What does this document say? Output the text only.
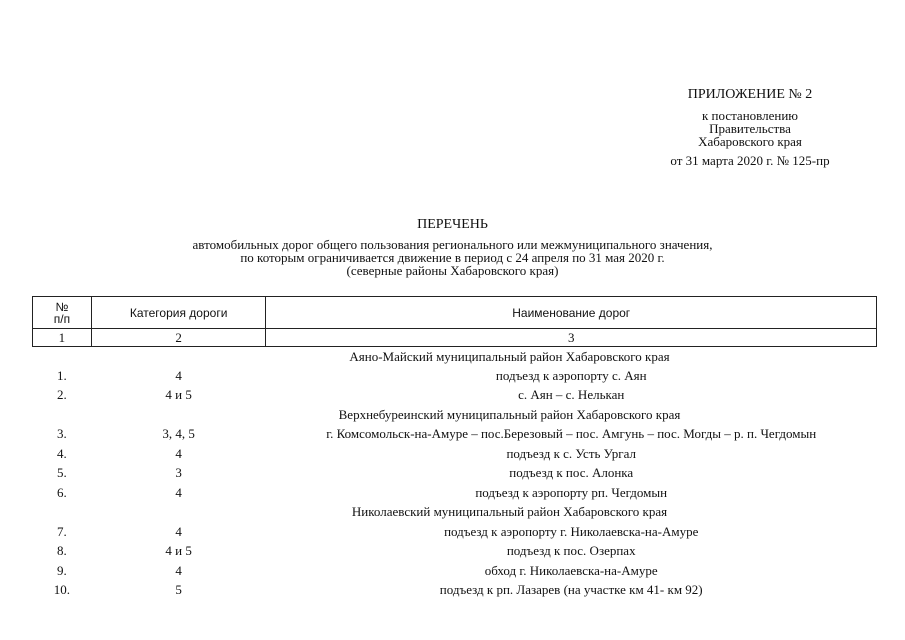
ПРИЛОЖЕНИЕ № 2
к постановлению
Правительства
Хабаровского края
от 31 марта 2020 г. № 125-пр
ПЕРЕЧЕНЬ
автомобильных дорог общего пользования регионального или межмуниципального значения,
по которым ограничивается движение в период с 24 апреля по 31 мая 2020 г.
(северные районы Хабаровского края)
№
п/п	Категория дороги	Наименование дорог
1	2	3
Аяно-Майский муниципальный район Хабаровского края		
1.	4	подъезд к аэропорту с. Аян
2.	4 и 5	с. Аян – с. Нелькан
Верхнебуреинский муниципальный район Хабаровского края		
3.	3, 4, 5	г. Комсомольск-на-Амуре – пос.Березовый – пос. Амгунь – пос. Могды – р. п. Чегдомын
4.	4	подъезд к с. Усть Ургал
5.	3	подъезд к пос. Алонка
6.	4	подъезд к аэропорту рп. Чегдомын
Николаевский муниципальный район Хабаровского края		
7.	4	подъезд к аэропорту г. Николаевска-на-Амуре
8.	4 и 5	подъезд к пос. Озерпах
9.	4	обход г. Николаевска-на-Амуре
10.	5	подъезд к рп. Лазарев (на участке км 41- км 92)
